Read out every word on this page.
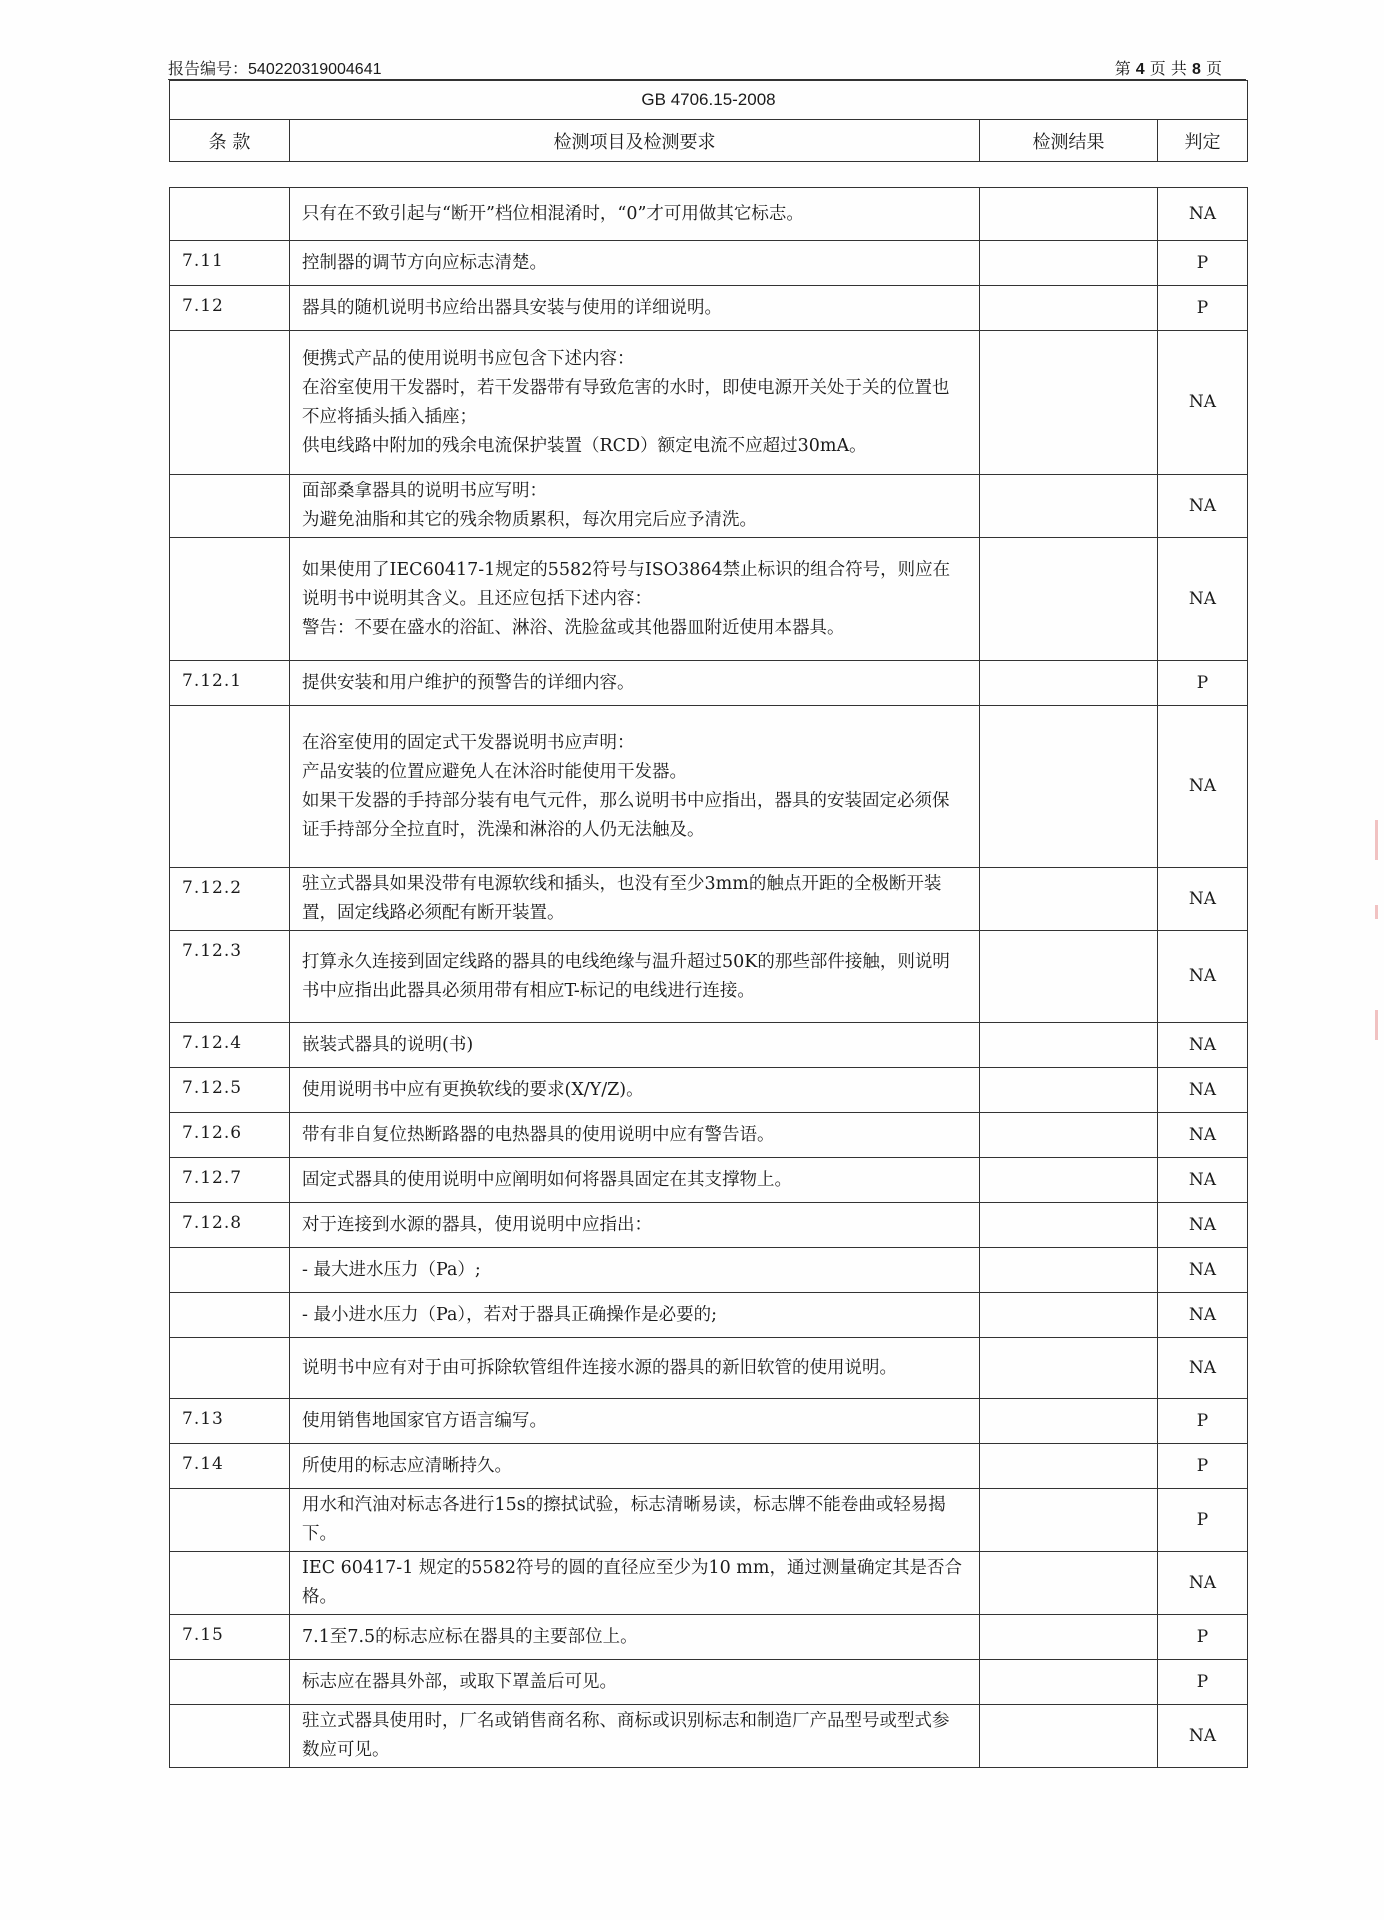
报告编号：540220319004641	第 4 页 共 8 页
GB 4706.15-2008
条 款	检测项目及检测要求	检测结果	判定
	只有在不致引起与“断开”档位相混淆时，“0”才可用做其它标志。		NA
7.11	控制器的调节方向应标志清楚。		P
7.12	器具的随机说明书应给出器具安装与使用的详细说明。		P
	便携式产品的使用说明书应包含下述内容：
在浴室使用干发器时，若干发器带有导致危害的水时，即使电源开关处于关的位置也不应将插头插入插座；
供电线路中附加的残余电流保护装置（RCD）额定电流不应超过30mA。		NA
	面部桑拿器具的说明书应写明：
为避免油脂和其它的残余物质累积，每次用完后应予清洗。		NA
	如果使用了IEC60417-1规定的5582符号与ISO3864禁止标识的组合符号，则应在说明书中说明其含义。且还应包括下述内容：
警告：不要在盛水的浴缸、淋浴、洗脸盆或其他器皿附近使用本器具。		NA
7.12.1	提供安装和用户维护的预警告的详细内容。		P
	在浴室使用的固定式干发器说明书应声明：
产品安装的位置应避免人在沐浴时能使用干发器。
如果干发器的手持部分装有电气元件，那么说明书中应指出，器具的安装固定必须保证手持部分全拉直时，洗澡和淋浴的人仍无法触及。		NA
7.12.2	驻立式器具如果没带有电源软线和插头，也没有至少3mm的触点开距的全极断开装置，固定线路必须配有断开装置。		NA
7.12.3	打算永久连接到固定线路的器具的电线绝缘与温升超过50K的那些部件接触，则说明书中应指出此器具必须用带有相应T-标记的电线进行连接。		NA
7.12.4	嵌装式器具的说明(书)		NA
7.12.5	使用说明书中应有更换软线的要求(X/Y/Z)。		NA
7.12.6	带有非自复位热断路器的电热器具的使用说明中应有警告语。		NA
7.12.7	固定式器具的使用说明中应阐明如何将器具固定在其支撑物上。		NA
7.12.8	对于连接到水源的器具，使用说明中应指出：		NA
	- 最大进水压力（Pa）;		NA
	- 最小进水压力（Pa），若对于器具正确操作是必要的;		NA
	说明书中应有对于由可拆除软管组件连接水源的器具的新旧软管的使用说明。		NA
7.13	使用销售地国家官方语言编写。		P
7.14	所使用的标志应清晰持久。		P
	用水和汽油对标志各进行15s的擦拭试验，标志清晰易读，标志牌不能卷曲或轻易揭下。		P
	IEC 60417-1 规定的5582符号的圆的直径应至少为10 mm，通过测量确定其是否合格。		NA
7.15	7.1至7.5的标志应标在器具的主要部位上。		P
	标志应在器具外部，或取下罩盖后可见。		P
	驻立式器具使用时，厂名或销售商名称、商标或识别标志和制造厂产品型号或型式参数应可见。		NA
